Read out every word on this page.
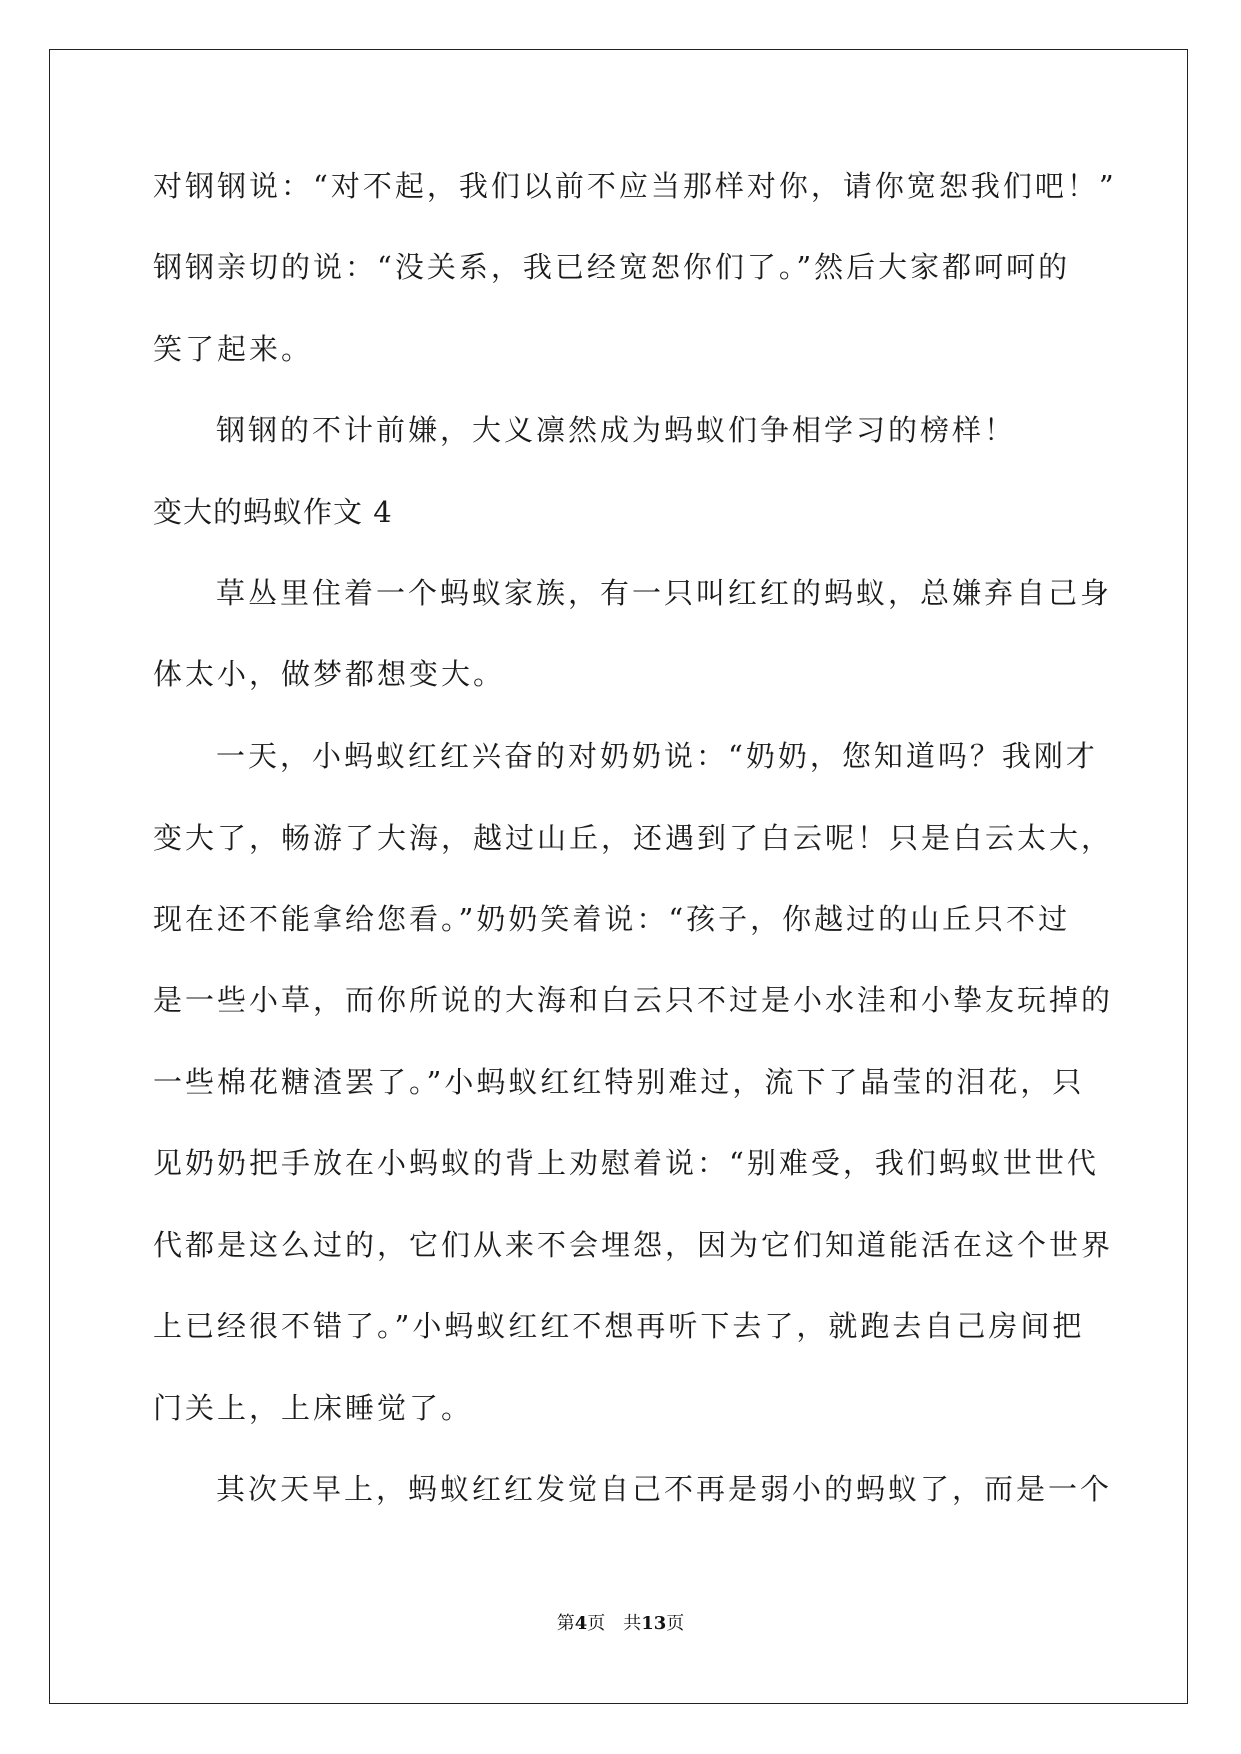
对钢钢说：“对不起，我们以前不应当那样对你，请你宽恕我们吧！”
钢钢亲切的说：“没关系，我已经宽恕你们了。”然后大家都呵呵的
笑了起来。
钢钢的不计前嫌，大义凛然成为蚂蚁们争相学习的榜样！
变大的蚂蚁作文 4
草丛里住着一个蚂蚁家族，有一只叫红红的蚂蚁，总嫌弃自己身
体太小，做梦都想变大。
一天，小蚂蚁红红兴奋的对奶奶说：“奶奶，您知道吗？我刚才
变大了，畅游了大海，越过山丘，还遇到了白云呢！只是白云太大，
现在还不能拿给您看。”奶奶笑着说：“孩子，你越过的山丘只不过
是一些小草，而你所说的大海和白云只不过是小水洼和小挚友玩掉的
一些棉花糖渣罢了。”小蚂蚁红红特别难过，流下了晶莹的泪花，只
见奶奶把手放在小蚂蚁的背上劝慰着说：“别难受，我们蚂蚁世世代
代都是这么过的，它们从来不会埋怨，因为它们知道能活在这个世界
上已经很不错了。”小蚂蚁红红不想再听下去了，就跑去自己房间把
门关上，上床睡觉了。
其次天早上，蚂蚁红红发觉自己不再是弱小的蚂蚁了，而是一个
第4页 共13页
